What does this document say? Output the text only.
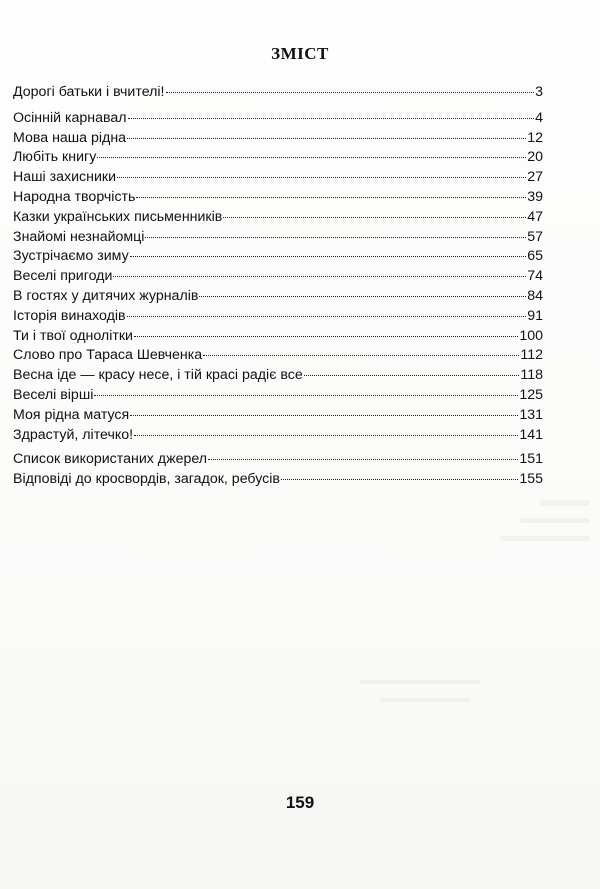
ЗМІСТ
Дорогі батьки і вчителі!	3
Осінній карнавал	4
Мова наша рідна	12
Любіть книгу	20
Наші захисники	27
Народна творчість	39
Казки українських письменників	47
Знайомі незнайомці	57
Зустрічаємо зиму	65
Веселі пригоди	74
В гостях у дитячих журналів	84
Історія винаходів	91
Ти і твої однолітки	100
Слово про Тараса Шевченка	112
Весна іде — красу несе, і тій красі радіє все	118
Веселі вірші	125
Моя рідна матуся	131
Здрастуй, літечко!	141
Список використаних джерел	151
Відповіді до кросвордів, загадок, ребусів	155
159
